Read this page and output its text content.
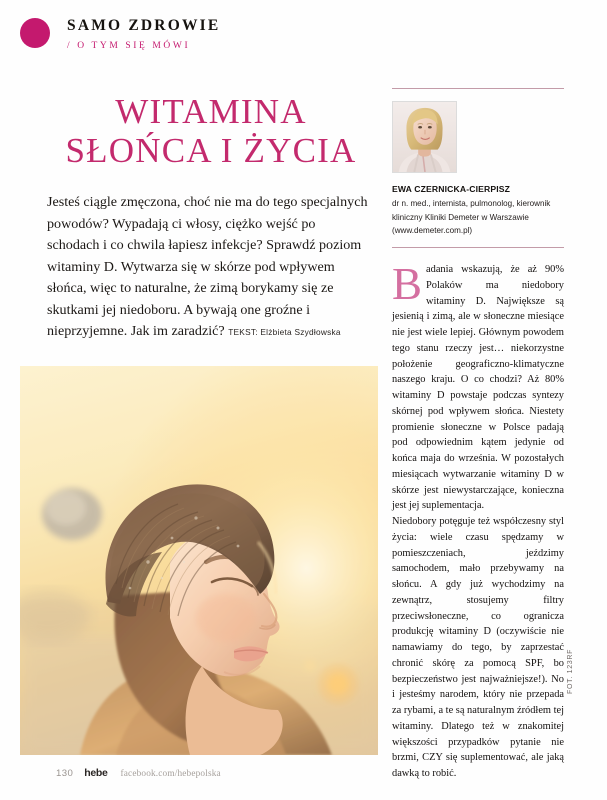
SAMO ZDROWIE
/ O TYM SIĘ MÓWI
WITAMINA
SŁOŃCA I ŻYCIA
Jesteś ciągle zmęczona, choć nie ma do tego specjalnych powodów? Wypadają ci włosy, ciężko wejść po schodach i co chwila łapiesz infekcje? Sprawdź poziom witaminy D. Wytwarza się w skórze pod wpływem słońca, więc to naturalne, że zimą borykamy się ze skutkami jej niedoboru. A bywają one groźne i nieprzyjemne. Jak im zaradzić? TEKST: Elżbieta Szydłowska
EWA CZERNICKA-CIERPISZ
dr n. med., internista, pulmonolog, kierownik kliniczny Kliniki Demeter w Warszawie (www.demeter.com.pl)

Badania wskazują, że aż 90% Polaków ma niedobory witaminy D. Największe są jesienią i zimą, ale w słoneczne miesiące nie jest wiele lepiej. Głównym powodem tego stanu rzeczy jest… niekorzystne położenie geograficzno-klimatyczne naszego kraju. O co chodzi? Aż 80% witaminy D powstaje podczas syntezy skórnej pod wpływem słońca. Niestety promienie słoneczne w Polsce padają pod odpowiednim kątem jedynie od końca maja do września. W pozostałych miesiącach wytwarzanie witaminy D w skórze jest niewystarczające, konieczna jest jej suplementacja.

Niedobory potęguje też współczesny styl życia: wiele czasu spędzamy w pomieszczeniach, jeździmy samochodem, mało przebywamy na słońcu. A gdy już wychodzimy na zewnątrz, stosujemy filtry przeciwsłoneczne, co ogranicza produkcję witaminy D (oczywiście nie namawiamy do tego, by zaprzestać chronić skórę za pomocą SPF, bo bezpieczeństwo jest najważniejsze!). No i jesteśmy narodem, który nie przepada za rybami, a te są naturalnym źródłem tej witaminy. Dlatego też w znakomitej większości przypadków pytanie nie brzmi, CZY się suplementować, ale jaką dawką to robić.

FOT. 123RF
130 hebe facebook.com/hebepolska
